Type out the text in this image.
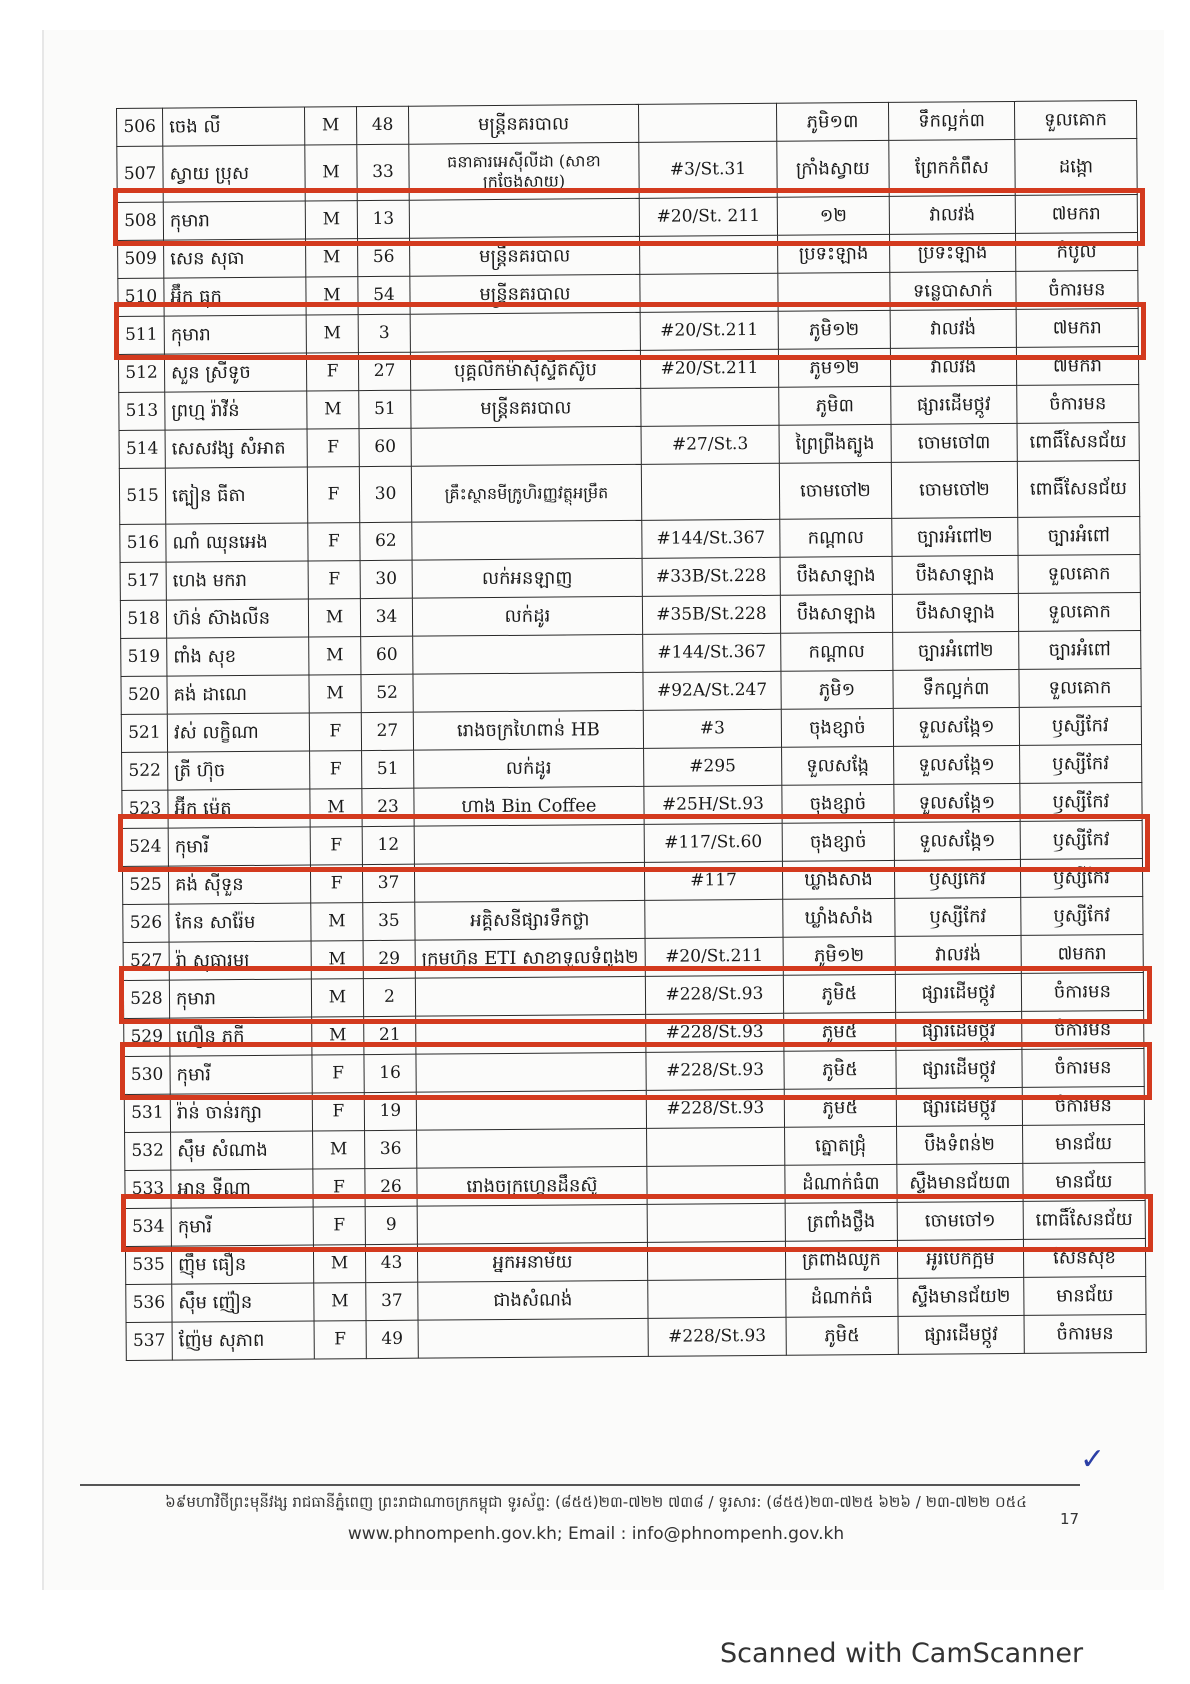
506	ចេង លី	M	48	មន្ត្រីនគរបាល		ភូមិ១៣	ទឹកល្អក់៣	ទួលគោក
507	ស្វាយ ប្រុស	M	33	ធនាគារអេស៊ីលីដា (សាខាក្រចែងសាយ)	#3/St.31	ក្រាំងស្វាយ	ព្រែកកំពឹស	ដង្កោ
508	កុមារា	M	13		#20/St. 211	១២	វាលវង់	៧មករា
509	សេន សុធា	M	56	មន្ត្រីនគរបាល		ប្រទះឡាង	ប្រទះឡាង	កំបូល
510	អ៊ឹក ធុក	M	54	មន្ត្រីនគរបាល			ទន្លេបាសាក់	ចំការមន
511	កុមារា	M	3		#20/St.211	ភូមិ១២	វាលវង់	៧មករា
512	សួន ស្រីទូច	F	27	បុគ្គលិកម៉ាស៊ីស្ទីតស៊ូប	#20/St.211	ភូមិ១២	វាលវង់	៧មករា
513	ព្រហ្ម រ៉ាវីន់	M	51	មន្ត្រីនគរបាល		ភូមិ៣	ផ្សារដើមថ្កូវ	ចំការមន
514	សេសវង្ស សំអាត	F	60		#27/St.3	ព្រៃព្រីងត្បូង	ចោមចៅ៣	ពោធិ៍សែនជ័យ
515	ត្បៀន ធីតា	F	30	គ្រឹះស្ថានមីក្រូហិរញ្ញវត្ថុអម្រឹត		ចោមចៅ២	ចោមចៅ២	ពោធិ៍សែនជ័យ
516	ណាំ ឈុនអេង	F	62		#144/St.367	កណ្តាល	ច្បារអំពៅ២	ច្បារអំពៅ
517	ហេង មករា	F	30	លក់អនឡាញ	#33B/St.228	បឹងសាឡាង	បឹងសាឡាង	ទួលគោក
518	ហ៊ន់ ស៊ាងលីន	M	34	លក់ដូរ	#35B/St.228	បឹងសាឡាង	បឹងសាឡាង	ទួលគោក
519	ពាំង សុខ	M	60		#144/St.367	កណ្តាល	ច្បារអំពៅ២	ច្បារអំពៅ
520	គង់ ដាណេ	M	52		#92A/St.247	ភូមិ១	ទឹកល្អក់៣	ទួលគោក
521	វស់ លក្ខិណា	F	27	រោងចក្រហៃពាន់ HB	#3	ចុងខ្សាច់	ទួលសង្កែ១	ឫស្សីកែវ
522	ត្រី ហ៊ុច	F	51	លក់ដូរ	#295	ទួលសង្កែ	ទួលសង្កែ១	ឫស្សីកែវ
523	អ៊ីក ម៉េត	M	23	ហាង Bin Coffee	#25H/St.93	ចុងខ្សាច់	ទួលសង្កែ១	ឫស្សីកែវ
524	កុមារី	F	12		#117/St.60	ចុងខ្សាច់	ទួលសង្កែ១	ឫស្សីកែវ
525	គង់ ស៊ីទួន	F	37		#117	ឃ្លាំងសាំង	ឫស្សីកែវ	ឫស្សីកែវ
526	កែន សារ៉ែម	M	35	អគ្គិសនីផ្សារទឹកថ្លា		ឃ្លាំងសាំង	ឫស្សីកែវ	ឫស្សីកែវ
527	រ៉ា សុធារម្យ	M	29	ក្រុមហ៊ុន ETI សាខាទួលទំពូង២	#20/St.211	ភូមិ១២	វាលវង់	៧មករា
528	កុមារា	M	2		#228/St.93	ភូមិ៥	ផ្សារដើមថ្កូវ	ចំការមន
529	ហឿន ភក្តី	M	21		#228/St.93	ភូមិ៥	ផ្សារដើមថ្កូវ	ចំការមន
530	កុមារី	F	16		#228/St.93	ភូមិ៥	ផ្សារដើមថ្កូវ	ចំការមន
531	រ៉ាន់ ចាន់រក្សា	F	19		#228/St.93	ភូមិ៥	ផ្សារដើមថ្កូវ	ចំការមន
532	ស៊ឹម សំណាង	M	36			ត្នោតជ្រុំ	បឹងទំពន់២	មានជ័យ
533	អាន ទីណា	F	26	រោងចក្រហ្គេនដឹនស៊ូ		ដំណាក់ធំ៣	ស្ទឹងមានជ័យ៣	មានជ័យ
534	កុមារី	F	9			ត្រពាំងថ្លឹង	ចោមចៅ១	ពោធិ៍សែនជ័យ
535	ញ៉ឹម ធឿន	M	43	អ្នកអនាម័យ		ត្រពាំងឈូក	អូរបែកក្អម	សែនសុខ
536	ស៊ឹម ញ៉ៀន	M	37	ជាងសំណង់		ដំណាក់ធំ	ស្ទឹងមានជ័យ២	មានជ័យ
537	ញ៉ែម សុភាព	F	49		#228/St.93	ភូមិ៥	ផ្សារដើមថ្កូវ	ចំការមន
៦៩មហាវិថីព្រះមុនីវង្ស រាជធានីភ្នំពេញ ព្រះរាជាណាចក្រកម្ពុជា ទូរស័ព្ទ: (៨៥៥)២៣-៧២២ ៧៣៨ / ទូរសារ: (៨៥៥)២៣-៧២៥ ៦២៦ / ២៣-៧២២ ០៥៤
www.phnompenh.gov.kh; Email : info@phnompenh.gov.kh
17
✓
Scanned with CamScanner
